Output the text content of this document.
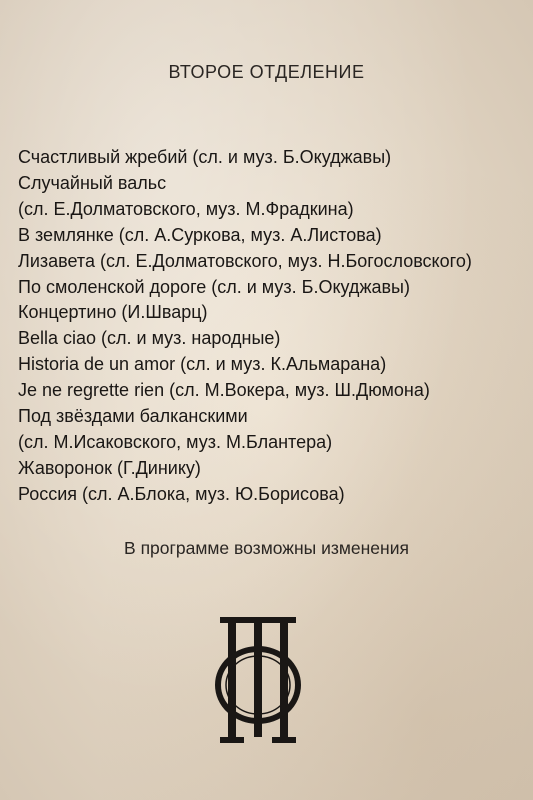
ВТОРОЕ ОТДЕЛЕНИЕ
Счастливый жребий (сл. и муз. Б.Окуджавы)
Случайный вальс
(сл. Е.Долматовского, муз. М.Фрадкина)
В землянке (сл. А.Суркова, муз. А.Листова)
Лизавета (сл. Е.Долматовского, муз. Н.Богословского)
По смоленской дороге (сл. и муз. Б.Окуджавы)
Концертино (И.Шварц)
Bella ciao (сл. и муз. народные)
Historia de un amor (сл. и муз. К.Альмарана)
Je ne regrette rien (сл. М.Вокера, муз. Ш.Дюмона)
Под звёздами балканскими
(сл. М.Исаковского, муз. М.Блантера)
Жаворонок (Г.Динику)
Россия (сл. А.Блока, муз. Ю.Борисова)
В программе возможны изменения
